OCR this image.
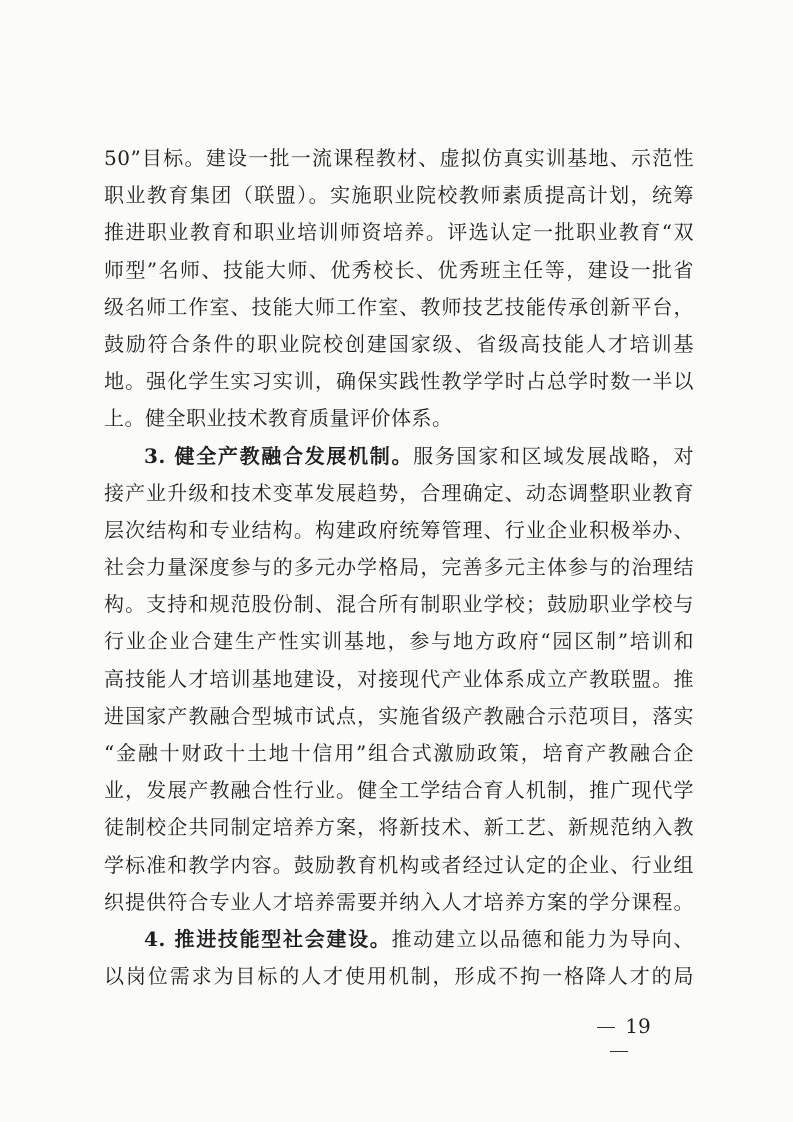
50”目标。建设一批一流课程教材、虚拟仿真实训基地、示范性
职业教育集团（联盟）。实施职业院校教师素质提高计划，统筹
推进职业教育和职业培训师资培养。评选认定一批职业教育“双
师型”名师、技能大师、优秀校长、优秀班主任等，建设一批省
级名师工作室、技能大师工作室、教师技艺技能传承创新平台，
鼓励符合条件的职业院校创建国家级、省级高技能人才培训基
地。强化学生实习实训，确保实践性教学学时占总学时数一半以
上。健全职业技术教育质量评价体系。
3. 健全产教融合发展机制。服务国家和区域发展战略，对
接产业升级和技术变革发展趋势，合理确定、动态调整职业教育
层次结构和专业结构。构建政府统筹管理、行业企业积极举办、
社会力量深度参与的多元办学格局，完善多元主体参与的治理结
构。支持和规范股份制、混合所有制职业学校；鼓励职业学校与
行业企业合建生产性实训基地，参与地方政府“园区制”培训和
高技能人才培训基地建设，对接现代产业体系成立产教联盟。推
进国家产教融合型城市试点，实施省级产教融合示范项目，落实
“金融十财政十土地十信用”组合式激励政策，培育产教融合企
业，发展产教融合性行业。健全工学结合育人机制，推广现代学
徒制校企共同制定培养方案，将新技术、新工艺、新规范纳入教
学标准和教学内容。鼓励教育机构或者经过认定的企业、行业组
织提供符合专业人才培养需要并纳入人才培养方案的学分课程。
4. 推进技能型社会建设。推动建立以品德和能力为导向、
以岗位需求为目标的人才使用机制，形成不拘一格降人才的局
19
